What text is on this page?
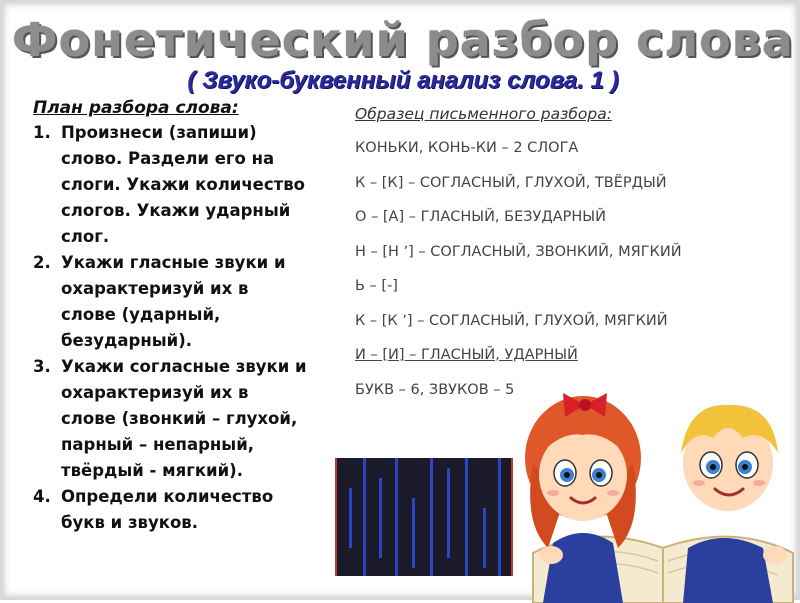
Фонетический разбор слова
( Звуко-буквенный анализ слова. 1 )
План разбора слова:
1. Произнеси (запиши) слово. Раздели его на слоги. Укажи количество слогов. Укажи ударный слог.
2. Укажи гласные звуки и охарактеризуй их в слове (ударный, безударный).
3. Укажи согласные звуки и охарактеризуй их в слове (звонкий – глухой, парный – непарный, твёрдый - мягкий).
4. Определи количество букв и звуков.
Образец письменного разбора:
КОНЬКИ, КОНЬ-КИ – 2 СЛОГА
К – [К] – СОГЛАСНЫЙ, ГЛУХОЙ, ТВЁРДЫЙ
О – [А] – ГЛАСНЫЙ, БЕЗУДАРНЫЙ
Н – [Н ʼ] – СОГЛАСНЫЙ, ЗВОНКИЙ, МЯГКИЙ
Ь – [-]
К – [К ʼ] – СОГЛАСНЫЙ, ГЛУХОЙ, МЯГКИЙ
И – [И] – ГЛАСНЫЙ, УДАРНЫЙ
БУКВ – 6, ЗВУКОВ – 5
